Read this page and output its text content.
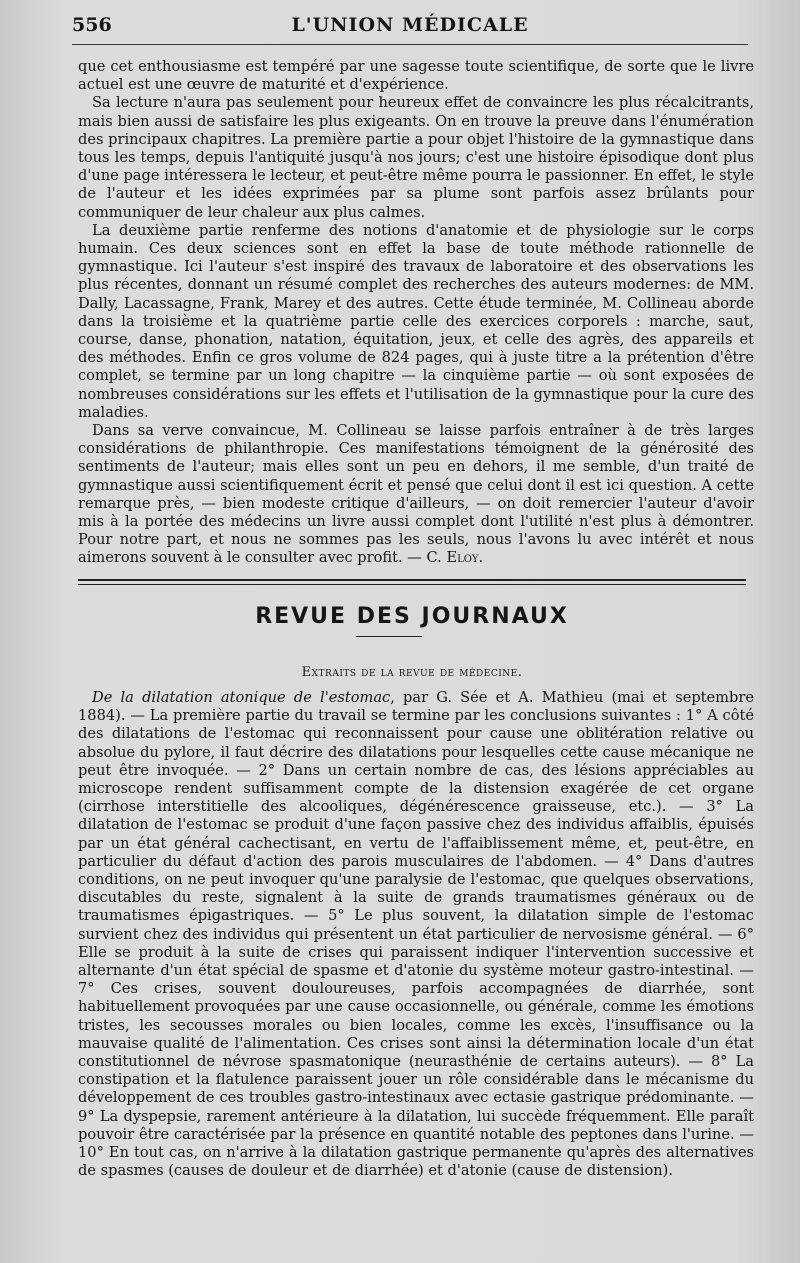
556	L'UNION MÉDICALE

que cet enthousiasme est tempéré par une sagesse toute scientifique, de sorte que le livre actuel est une œuvre de maturité et d'expérience.

Sa lecture n'aura pas seulement pour heureux effet de convaincre les plus récalcitrants, mais bien aussi de satisfaire les plus exigeants. On en trouve la preuve dans l'énumération des principaux chapitres. La première partie a pour objet l'histoire de la gymnastique dans tous les temps, depuis l'antiquité jusqu'à nos jours; c'est une histoire épisodique dont plus d'une page intéressera le lecteur, et peut-être même pourra le passionner. En effet, le style de l'auteur et les idées exprimées par sa plume sont parfois assez brûlants pour communiquer de leur chaleur aux plus calmes.

La deuxième partie renferme des notions d'anatomie et de physiologie sur le corps humain. Ces deux sciences sont en effet la base de toute méthode rationnelle de gymnastique. Ici l'auteur s'est inspiré des travaux de laboratoire et des observations les plus récentes, donnant un résumé complet des recherches des auteurs modernes: de MM. Dally, Lacassagne, Frank, Marey et des autres. Cette étude terminée, M. Collineau aborde dans la troisième et la quatrième partie celle des exercices corporels : marche, saut, course, danse, phonation, natation, équitation, jeux, et celle des agrès, des appareils et des méthodes. Enfin ce gros volume de 824 pages, qui à juste titre a la prétention d'être complet, se termine par un long chapitre — la cinquième partie — où sont exposées de nombreuses considérations sur les effets et l'utilisation de la gymnastique pour la cure des maladies.

Dans sa verve convaincue, M. Collineau se laisse parfois entraîner à de très larges considérations de philanthropie. Ces manifestations témoignent de la générosité des sentiments de l'auteur; mais elles sont un peu en dehors, il me semble, d'un traité de gymnastique aussi scientifiquement écrit et pensé que celui dont il est ici question. A cette remarque près, — bien modeste critique d'ailleurs, — on doit remercier l'auteur d'avoir mis à la portée des médecins un livre aussi complet dont l'utilité n'est plus à démontrer. Pour notre part, et nous ne sommes pas les seuls, nous l'avons lu avec intérêt et nous aimerons souvent à le consulter avec profit. — C. Eloy.

REVUE DES JOURNAUX
Extraits de la revue de médecine.

De la dilatation atonique de l'estomac, par G. Sée et A. Mathieu (mai et septembre 1884). — La première partie du travail se termine par les conclusions suivantes : 1° A côté des dilatations de l'estomac qui reconnaissent pour cause une oblitération relative ou absolue du pylore, il faut décrire des dilatations pour lesquelles cette cause mécanique ne peut être invoquée. — 2° Dans un certain nombre de cas, des lésions appréciables au microscope rendent suffisamment compte de la distension exagérée de cet organe (cirrhose interstitielle des alcooliques, dégénérescence graisseuse, etc.). — 3° La dilatation de l'estomac se produit d'une façon passive chez des individus affaiblis, épuisés par un état général cachectisant, en vertu de l'affaiblissement même, et, peut-être, en particulier du défaut d'action des parois musculaires de l'abdomen. — 4° Dans d'autres conditions, on ne peut invoquer qu'une paralysie de l'estomac, que quelques observations, discutables du reste, signalent à la suite de grands traumatismes généraux ou de traumatismes épigastriques. — 5° Le plus souvent, la dilatation simple de l'estomac survient chez des individus qui présentent un état particulier de nervosisme général. — 6° Elle se produit à la suite de crises qui paraissent indiquer l'intervention successive et alternante d'un état spécial de spasme et d'atonie du système moteur gastro-intestinal. — 7° Ces crises, souvent douloureuses, parfois accompagnées de diarrhée, sont habituellement provoquées par une cause occasionnelle, ou générale, comme les émotions tristes, les secousses morales ou bien locales, comme les excès, l'insuffisance ou la mauvaise qualité de l'alimentation. Ces crises sont ainsi la détermination locale d'un état constitutionnel de névrose spasmatonique (neurasthénie de certains auteurs). — 8° La constipation et la flatulence paraissent jouer un rôle considérable dans le mécanisme du développement de ces troubles gastro-intestinaux avec ectasie gastrique prédominante. — 9° La dyspepsie, rarement antérieure à la dilatation, lui succède fréquemment. Elle paraît pouvoir être caractérisée par la présence en quantité notable des peptones dans l'urine. — 10° En tout cas, on n'arrive à la dilatation gastrique permanente qu'après des alternatives de spasmes (causes de douleur et de diarrhée) et d'atonie (cause de distension).
